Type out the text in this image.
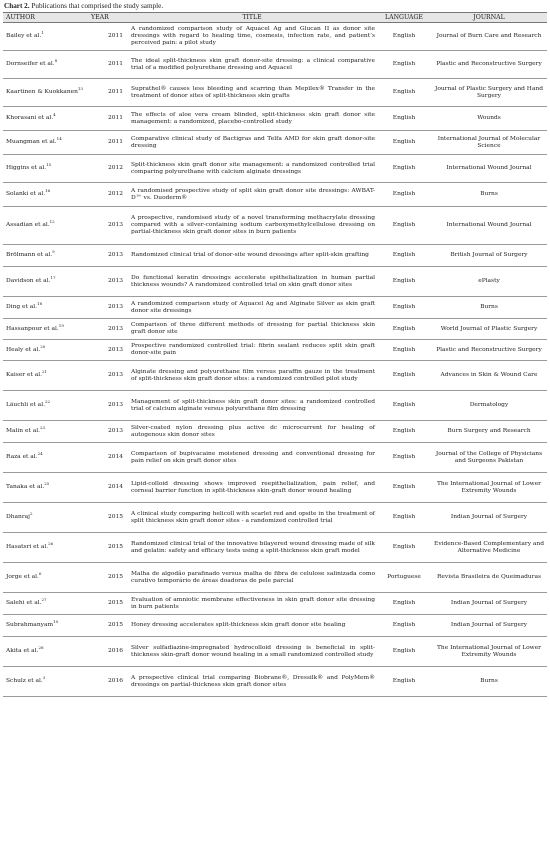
Chart 2. Publications that comprised the study sample.
AUTHOR	YEAR	TITLE	LANGUAGE	JOURNAL
Bailey et al.$^1$	2011	A randomized comparison study of Aquacel Ag and Glucan II as donor site dressings with regard to healing time, cosmesis, infection rate, and patient’s perceived pain: a pilot study	English	Journal of Burn Care and Research
Dornseifer et al.$^8$	2011	The ideal split-thickness skin graft donor-site dressing: a clinical comparative trial of a modified polyurethane dressing and Aquacel	English	Plastic and Reconstructive Surgery
Kaartinen & Kuokkanen$^{13}$	2011	Suprathel® causes less bleeding and scarring than Mepilex® Transfer in the treatment of donor sites of split-thickness skin grafts	English	Journal of Plastic Surgery and Hand Surgery
Khorasani et al.$^4$	2011	The effects of aloe vera cream blinded, split-thickness skin graft donor site management: a randomized, placebo-controlled study	English	Wounds
Muangman et al.$^{14}$	2011	Comparative clinical study of Bactigras and Telfa AMD for skin graft donor-site dressing	English	International Journal of Molecular Science
Higgins et al.$^{15}$	2012	Split-thickness skin graft donor site management: a randomized controlled trial comparing polyurethane with calcium alginate dressings	English	International Wound Journal
Solanki et al.$^{16}$	2012	A randomised prospective study of split skin graft donor site dressings: AWBAT-D™ vs. Duoderm®	English	Burns
Assadian et al.$^{12}$	2013	A prospective, randomised study of a novel transforming methacrylate dressing compared with a silver-containing sodium carboxymethylcellulose dressing on partial-thickness skin graft donor sites in burn patients	English	International Wound Journal
Brölmann et al.$^9$	2013	Randomized clinical trial of donor-site wound dressings after split-skin grafting	English	British Journal of Surgery
Davidson et al.$^{17}$	2013	Do functional keratin dressings accelerate epithelialization in human partial thickness wounds? A randomized controlled trial on skin graft donor sites	English	ePlasty
Ding et al.$^{18}$	2013	A randomized comparison study of Aquacel Ag and Alginate Silver as skin graft donor site dressings	English	Burns
Hassanpour et al.$^{19}$	2013	Comparison of three different methods of dressing for partial thickness skin graft donor site	English	World Journal of Plastic Surgery
Healy et al.$^{20}$	2013	Prospective randomized controlled trial: fibrin sealant reduces split skin graft donor-site pain	English	Plastic and Reconstructive Surgery
Kaiser et al.$^{21}$	2013	Alginate dressing and polyurethane film versus paraffin gauze in the treatment of split-thickness skin graft donor sites: a randomized controlled pilot study	English	Advances in Skin & Wound Care
Läuchli et al.$^{22}$	2013	Management of split-thickness skin graft donor sites: a randomized controlled trial of calcium alginate versus polyurethane film dressing	English	Dermatology
Malin et al.$^{23}$	2013	Silver-coated nylon dressing plus active dc microcurrent for healing of autogenous skin donor sites	English	Burn Surgery and Research
Raza et al.$^{24}$	2014	Comparison of bupivacaine moistened dressing and conventional dressing for pain relief on skin graft donor sites	English	Journal of the College of Physicians and Surgeons Pakistan
Tanaka et al.$^{25}$	2014	Lipid-colloid dressing shows improved reepithelialization, pain relief, and corneal barrier function in split-thickness skin-graft donor wound healing	English	The International Journal of Lower Extremity Wounds
Dhanraj$^2$	2015	A clinical study comparing helicoll with scarlet red and opsite in the treatment of split thickness skin graft donor sites - a randomized controlled trial	English	Indian Journal of Surgery
Hasatsri et al.$^{26}$	2015	Randomized clinical trial of the innovative bilayered wound dressing made of silk and gelatin: safety and efficacy tests using a split-thickness skin graft model	English	Evidence-Based Complementary and Alternative Medicine
Jorge et al.$^6$	2015	Malha de algodão parafinado versus malha de fibra de celulose salinizada como curativo temporário de áreas doadoras de pele parcial	Portuguese	Revista Brasileira de Queimaduras
Salehi et al.$^{27}$	2015	Evaluation of amniotic membrane effectiveness in skin graft donor site dressing in burn patients	English	Indian Journal of Surgery
Subrahmanyam$^{10}$	2015	Honey dressing accelerates split-thickness skin graft donor site healing	English	Indian Journal of Surgery
Akita et al.$^{28}$	2016	Silver sulfadiazine-impregnated hydrocolloid dressing is beneficial in split-thickness skin-graft donor wound healing in a small randomized controlled study	English	The International Journal of Lower Extremity Wounds
Schulz et al.$^3$	2016	A prospective clinical trial comparing Biobrane®, Dressilk® and PolyMem® dressings on partial-thickness skin graft donor sites	English	Burns
